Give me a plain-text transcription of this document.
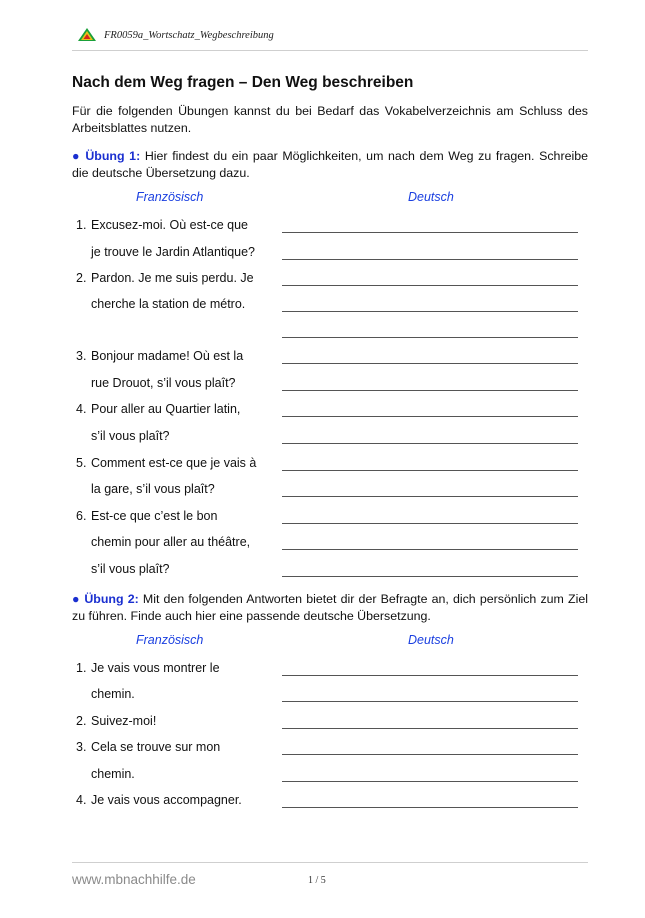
FR0059a_Wortschatz_Wegbeschreibung
Nach dem Weg fragen – Den Weg beschreiben
Für die folgenden Übungen kannst du bei Bedarf das Vokabelverzeichnis am Schluss des Arbeitsblattes nutzen.
● Übung 1: Hier findest du ein paar Möglichkeiten, um nach dem Weg zu fragen. Schreibe die deutsche Übersetzung dazu.
Französisch	Deutsch
1. Excusez-moi. Où est-ce que
je trouve le Jardin Atlantique?
2. Pardon. Je me suis perdu. Je
cherche la station de métro.
3. Bonjour madame! Où est la
rue Drouot, s’il vous plaît?
4. Pour aller au Quartier latin,
s’il vous plaît?
5. Comment est-ce que je vais à
la gare, s’il vous plaît?
6. Est-ce que c’est le bon
chemin pour aller au théâtre,
s’il vous plaît?
● Übung 2: Mit den folgenden Antworten bietet dir der Befragte an, dich persönlich zum Ziel zu führen. Finde auch hier eine passende deutsche Übersetzung.
Französisch	Deutsch
1. Je vais vous montrer le
chemin.
2. Suivez-moi!
3. Cela se trouve sur mon
chemin.
4. Je vais vous accompagner.
www.mbnachhilfe.de	1 / 5
